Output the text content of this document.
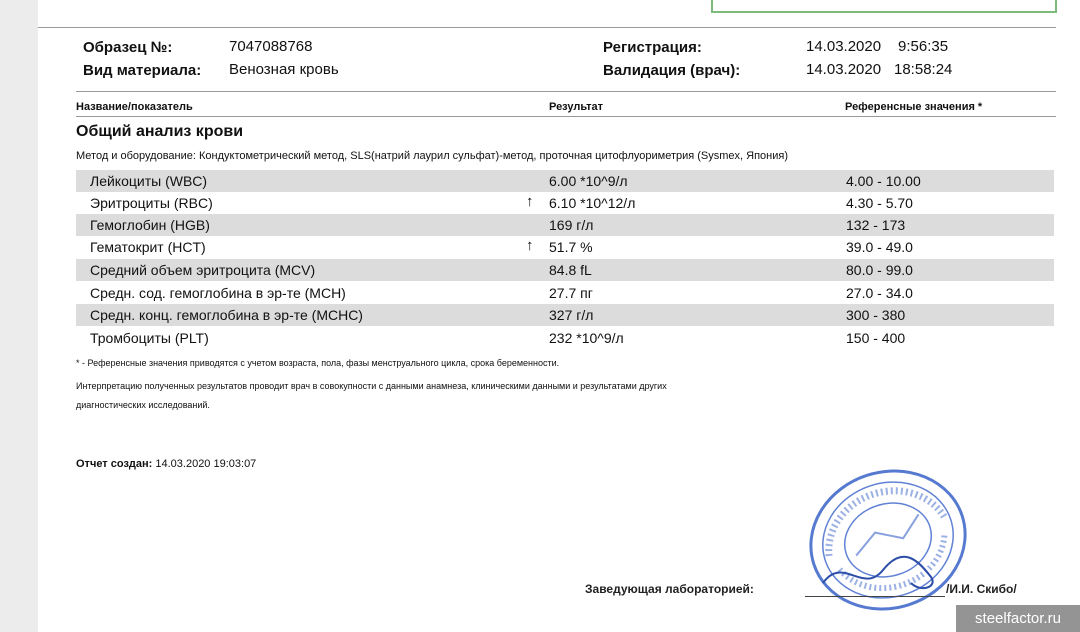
Образец №:	7047088768
Вид материала: Венозная кровь
Регистрация:	14.03.2020 9:56:35
Валидация (врач):	14.03.2020 18:58:24
Название/показатель	Результат	Референсные значения *
Общий анализ крови
Метод и оборудование: Кондуктометрический метод, SLS(натрий лаурил сульфат)-метод, проточная цитофлуориметрия (Sysmex, Япония)
Лейкоциты (WBC)	6.00 *10^9/л	4.00 - 10.00
Эритроциты (RBC)	↑ 6.10 *10^12/л	4.30 - 5.70
Гемоглобин (HGB)	169 г/л	132 - 173
Гематокрит (HCT)	↑ 51.7 %	39.0 - 49.0
Средний объем эритроцита (MCV)	84.8 fL	80.0 - 99.0
Средн. сод. гемоглобина в эр-те (MCH)	27.7 пг	27.0 - 34.0
Средн. конц. гемоглобина в эр-те (MCHC)	327 г/л	300 - 380
Тромбоциты (PLT)	232 *10^9/л	150 - 400
* - Референсные значения приводятся с учетом возраста, пола, фазы менструального цикла, срока беременности.
Интерпретацию полученных результатов проводит врач в совокупности с данными анамнеза, клиническими данными и результатами других
диагностических исследований.
Отчет создан: 14.03.2020 19:03:07
Заведующая лабораторией:	/И.И. Скибо/
steelfactor.ru
